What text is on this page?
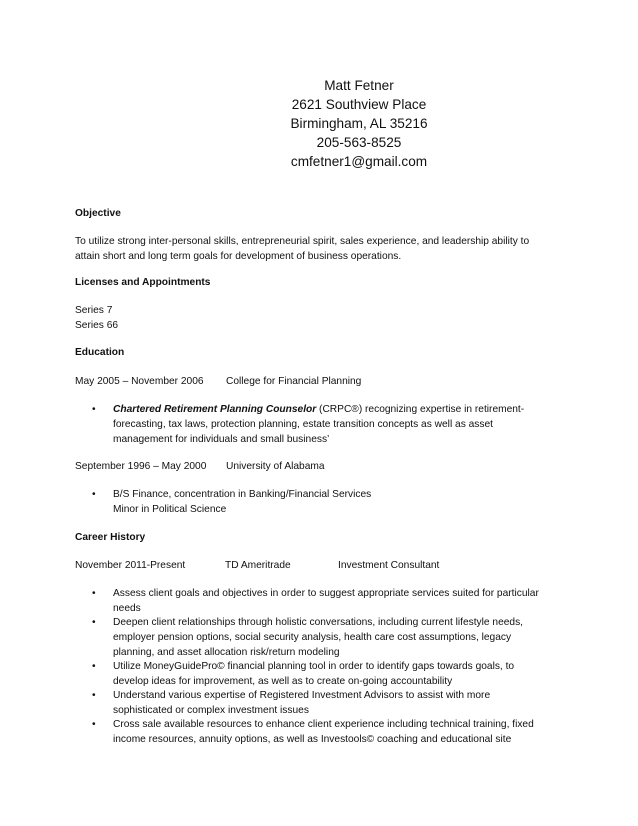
Matt Fetner
2621 Southview Place
Birmingham, AL 35216
205-563-8525
cmfetner1@gmail.com
Objective
To utilize strong inter-personal skills, entrepreneurial spirit, sales experience, and leadership ability to
attain short and long term goals for development of business operations.
Licenses and Appointments
Series 7
Series 66
Education
May 2005 – November 2006 College for Financial Planning
• Chartered Retirement Planning Counselor (CRPC®) recognizing expertise in retirement-
forecasting, tax laws, protection planning, estate transition concepts as well as asset
management for individuals and small business’
September 1996 – May 2000 University of Alabama
• B/S Finance, concentration in Banking/Financial Services
Minor in Political Science
Career History
November 2011-Present	TD Ameritrade	Investment Consultant
• Assess client goals and objectives in order to suggest appropriate services suited for particular
needs
• Deepen client relationships through holistic conversations, including current lifestyle needs,
employer pension options, social security analysis, health care cost assumptions, legacy
planning, and asset allocation risk/return modeling
• Utilize MoneyGuidePro© financial planning tool in order to identify gaps towards goals, to
develop ideas for improvement, as well as to create on-going accountability
• Understand various expertise of Registered Investment Advisors to assist with more
sophisticated or complex investment issues
• Cross sale available resources to enhance client experience including technical training, fixed
income resources, annuity options, as well as Investools© coaching and educational site
